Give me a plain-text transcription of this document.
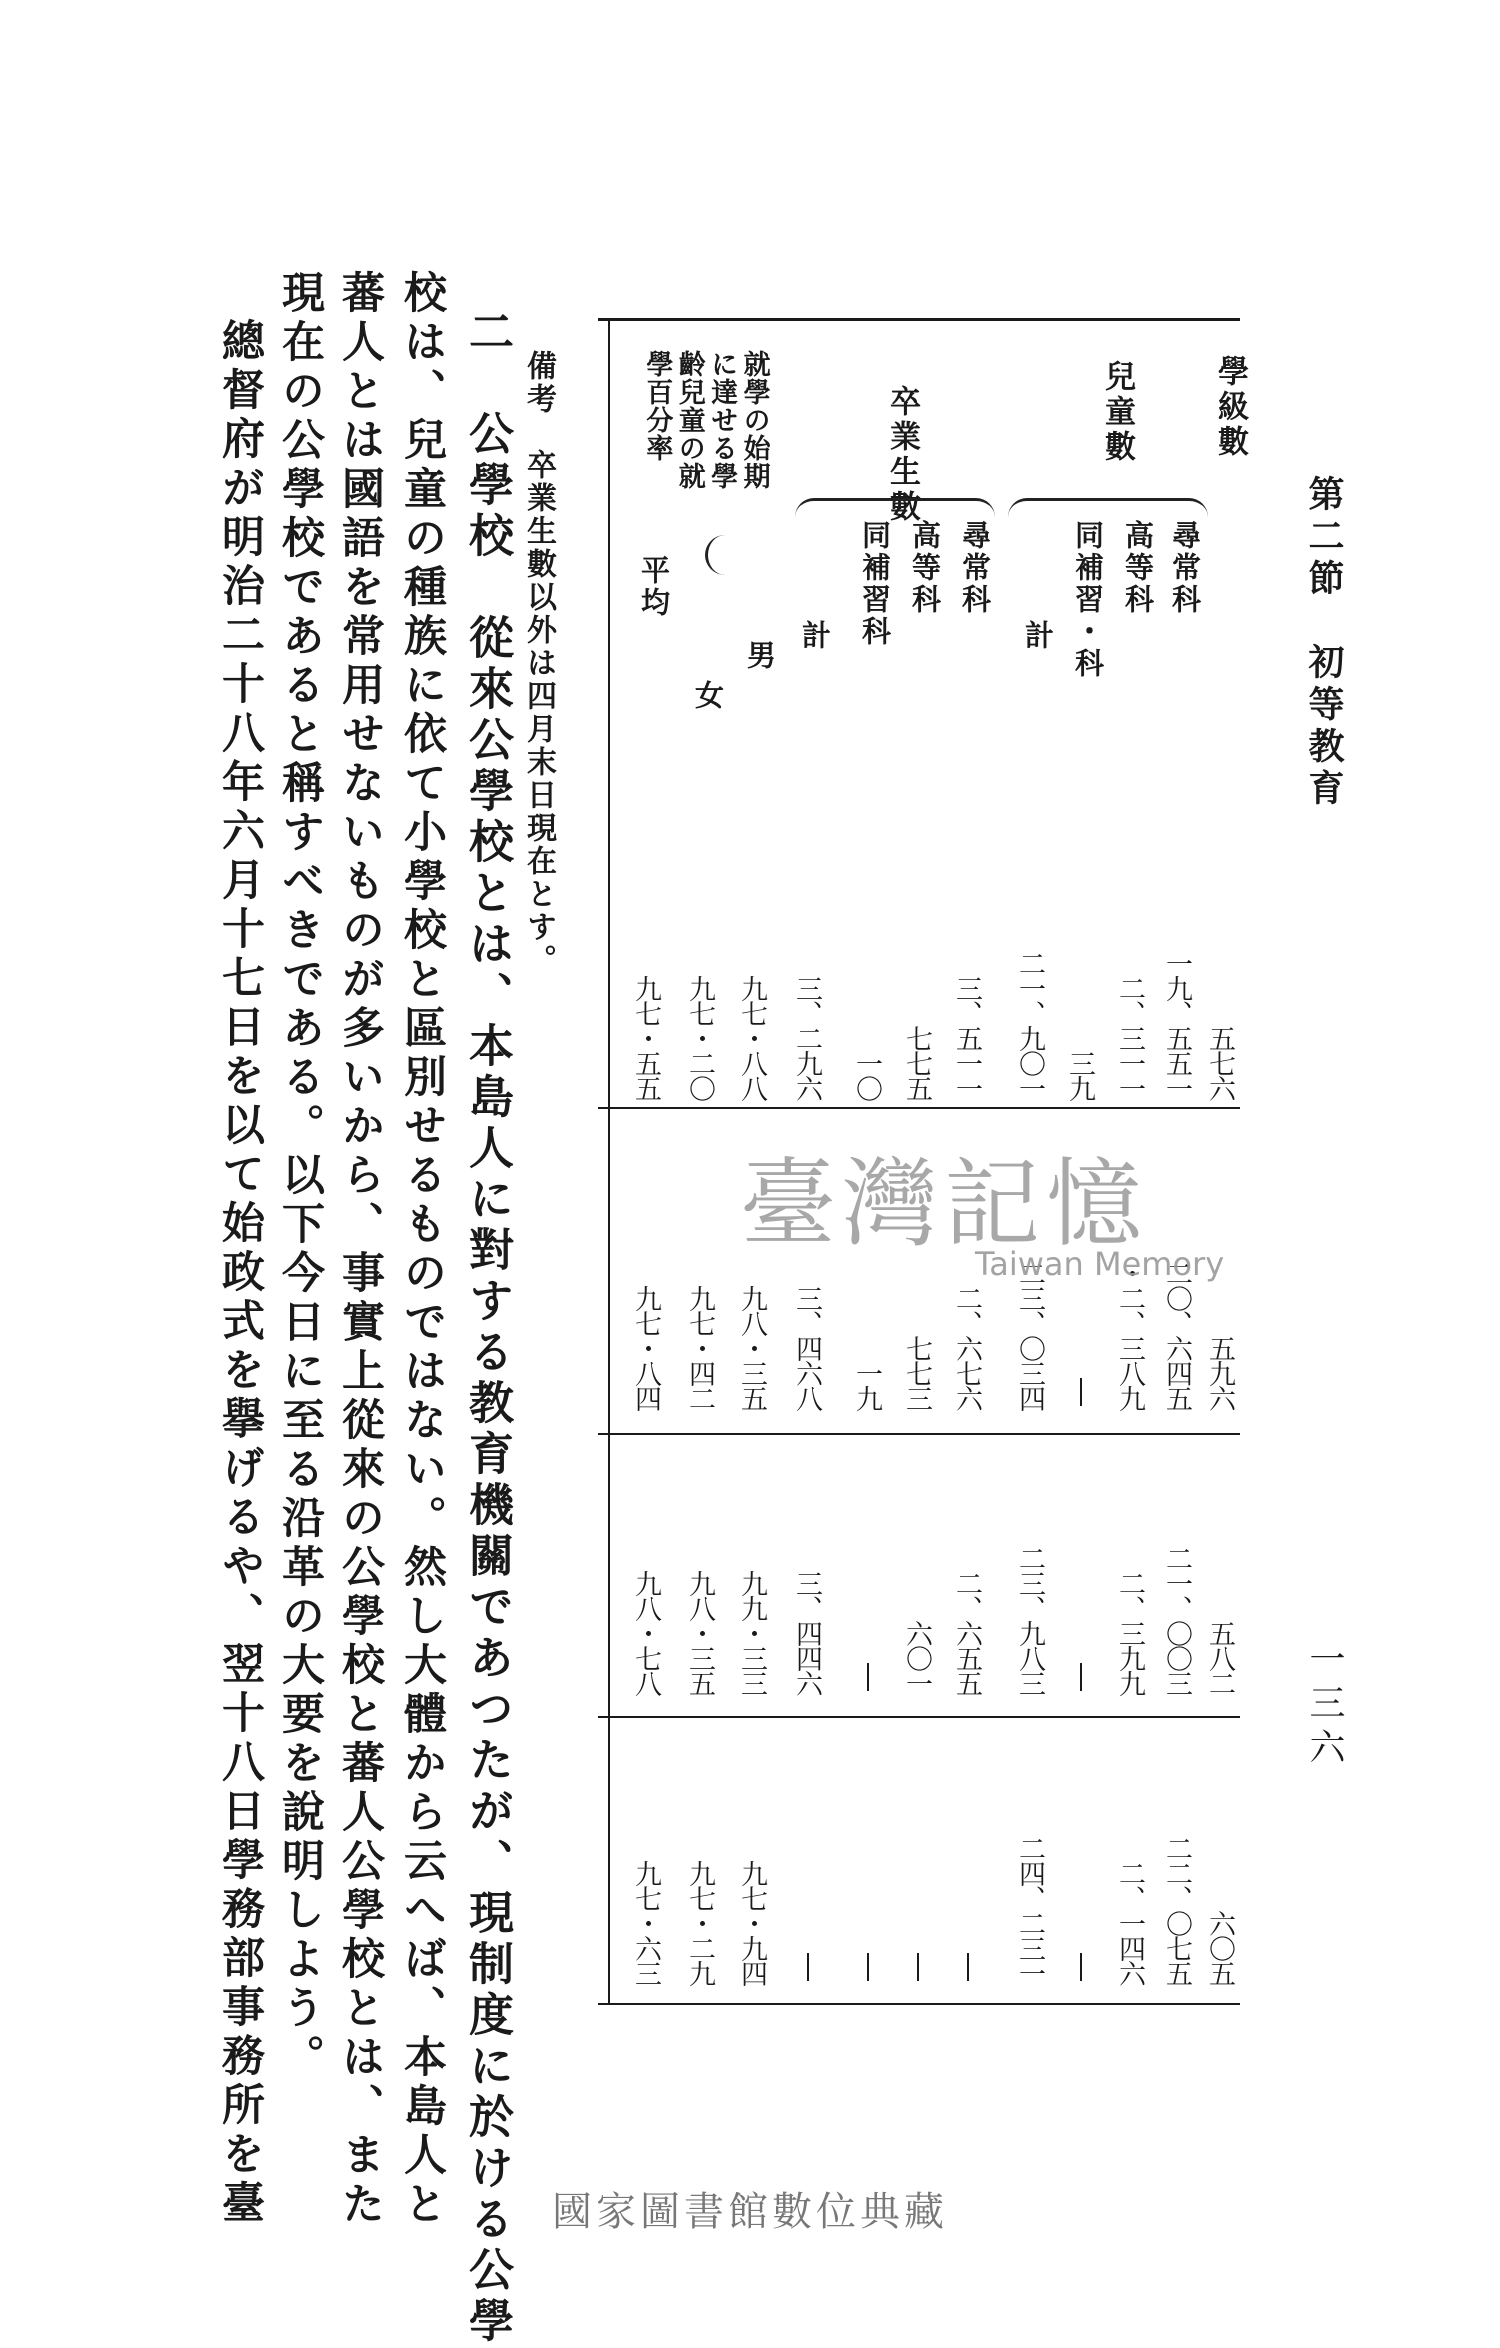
第二節　初等教育
一三六
學級數
兒童數
尋常科
高等科
同補習・科
計
卒業生數
尋常科
高等科
同補習科
計
就學の始期に達せる學齡兒童の就學百分率
男
女
平均
五七六
一九、五五一
二、三一一
三九
二一、九〇一
三、五一一
七七五
一〇
三、二九六
九七・八八
九七・二〇
九七・五五
五九六
二〇、六四五
・二、三八九
二三、〇三四
二、六七六
七七三
一九
三、四六八
九八・三五
九七・四二
九七・八四
五八二
二一、〇〇三
二、三九九
二三、九八三
二、六五五
六〇一
三、四四六
九九・三三
九八・三五
九八・七八
六〇五
二二、〇七五
二、一四六
二四、二三一
九七・九四
九七・二九
九七・六三
備考　卒業生數以外は四月末日現在とす。
二　公學校　從來公學校とは、本島人に對する教育機關であつたが、現制度に於ける公學
校は、兒童の種族に依て小學校と區別せるものではない。然し大體から云へば、本島人と
蕃人とは國語を常用せないものが多いから、事實上從來の公學校と蕃人公學校とは、また
現在の公學校であると稱すべきである。以下今日に至る沿革の大要を說明しよう。
總督府が明治二十八年六月十七日を以て始政式を擧げるや、翌十八日學務部事務所を臺	臺灣記憶
Taiwan Memory
國家圖書館數位典藏
